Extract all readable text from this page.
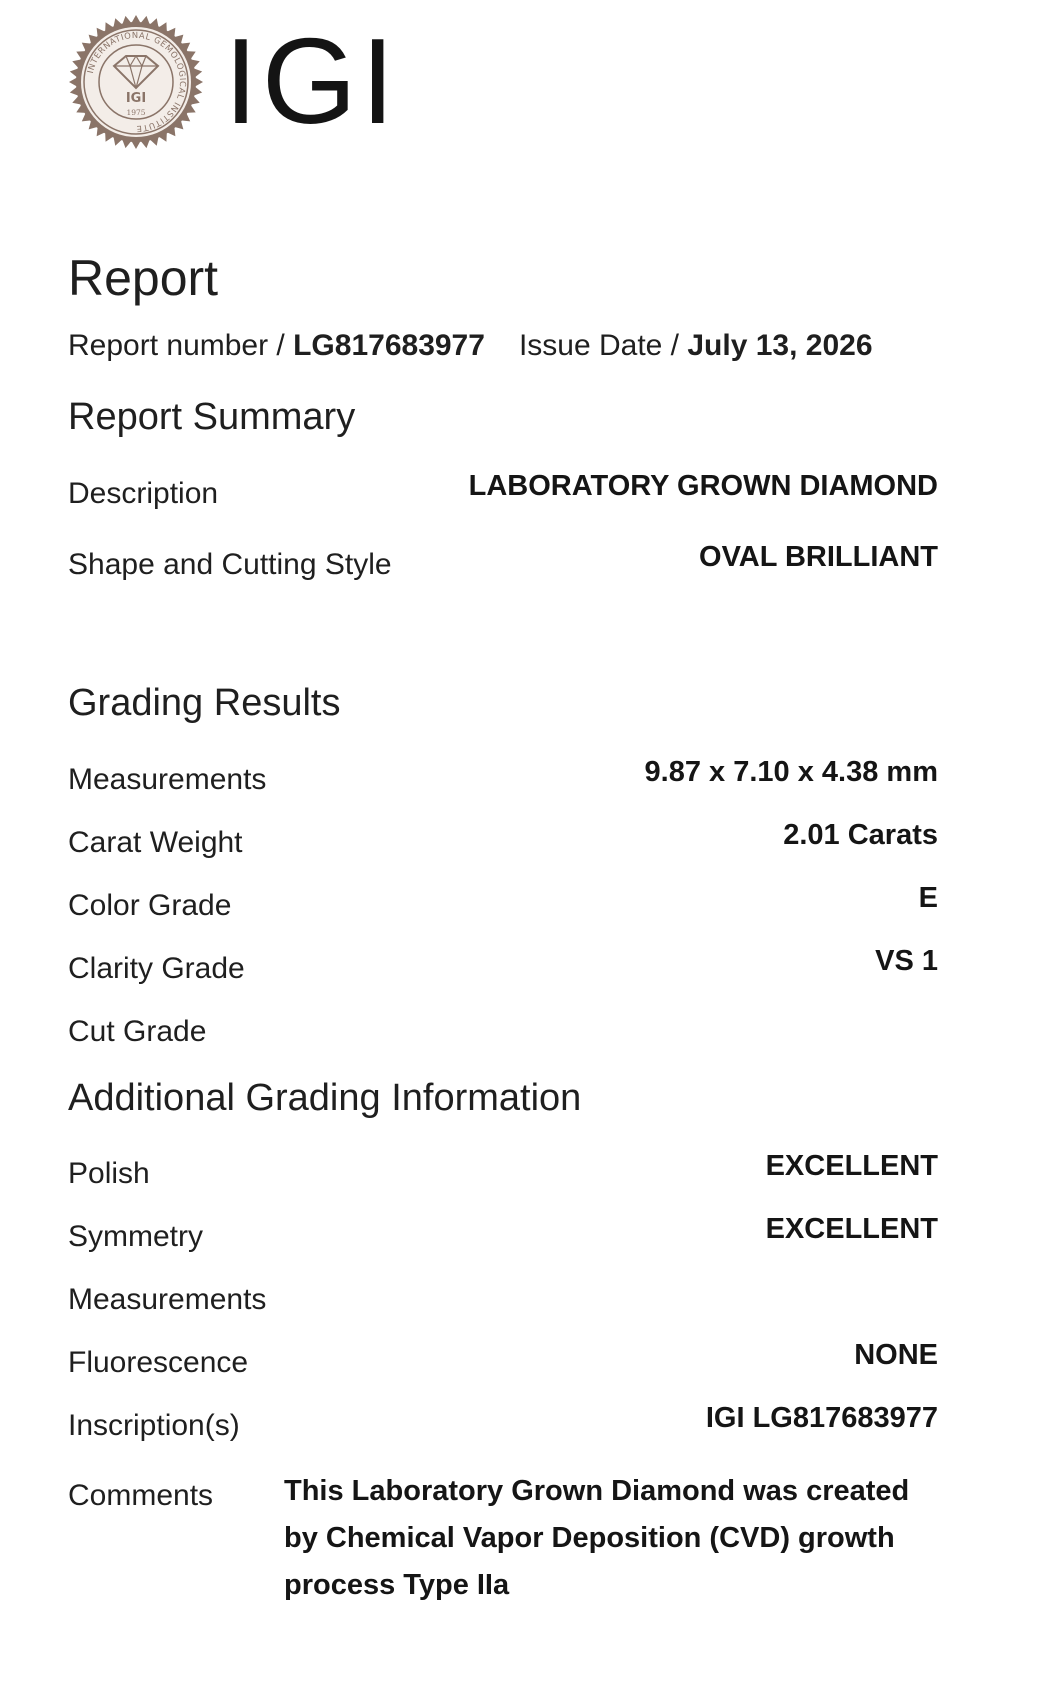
INTERNATIONAL GEMOLOGICAL INSTITUTE
IGI
1975 IGI
Report
Report number / LG817683977 Issue Date / July 13, 2026
Report Summary
Description	LABORATORY GROWN DIAMOND
Shape and Cutting Style	OVAL BRILLIANT
Grading Results
Measurements	9.87 x 7.10 x 4.38 mm
Carat Weight	2.01 Carats
Color Grade	E
Clarity Grade	VS 1
Cut Grade
Additional Grading Information
Polish	EXCELLENT
Symmetry	EXCELLENT
Measurements
Fluorescence	NONE
Inscription(s)	IGI LG817683977
Comments This Laboratory Grown Diamond was created by Chemical Vapor Deposition (CVD) growth process Type IIa
